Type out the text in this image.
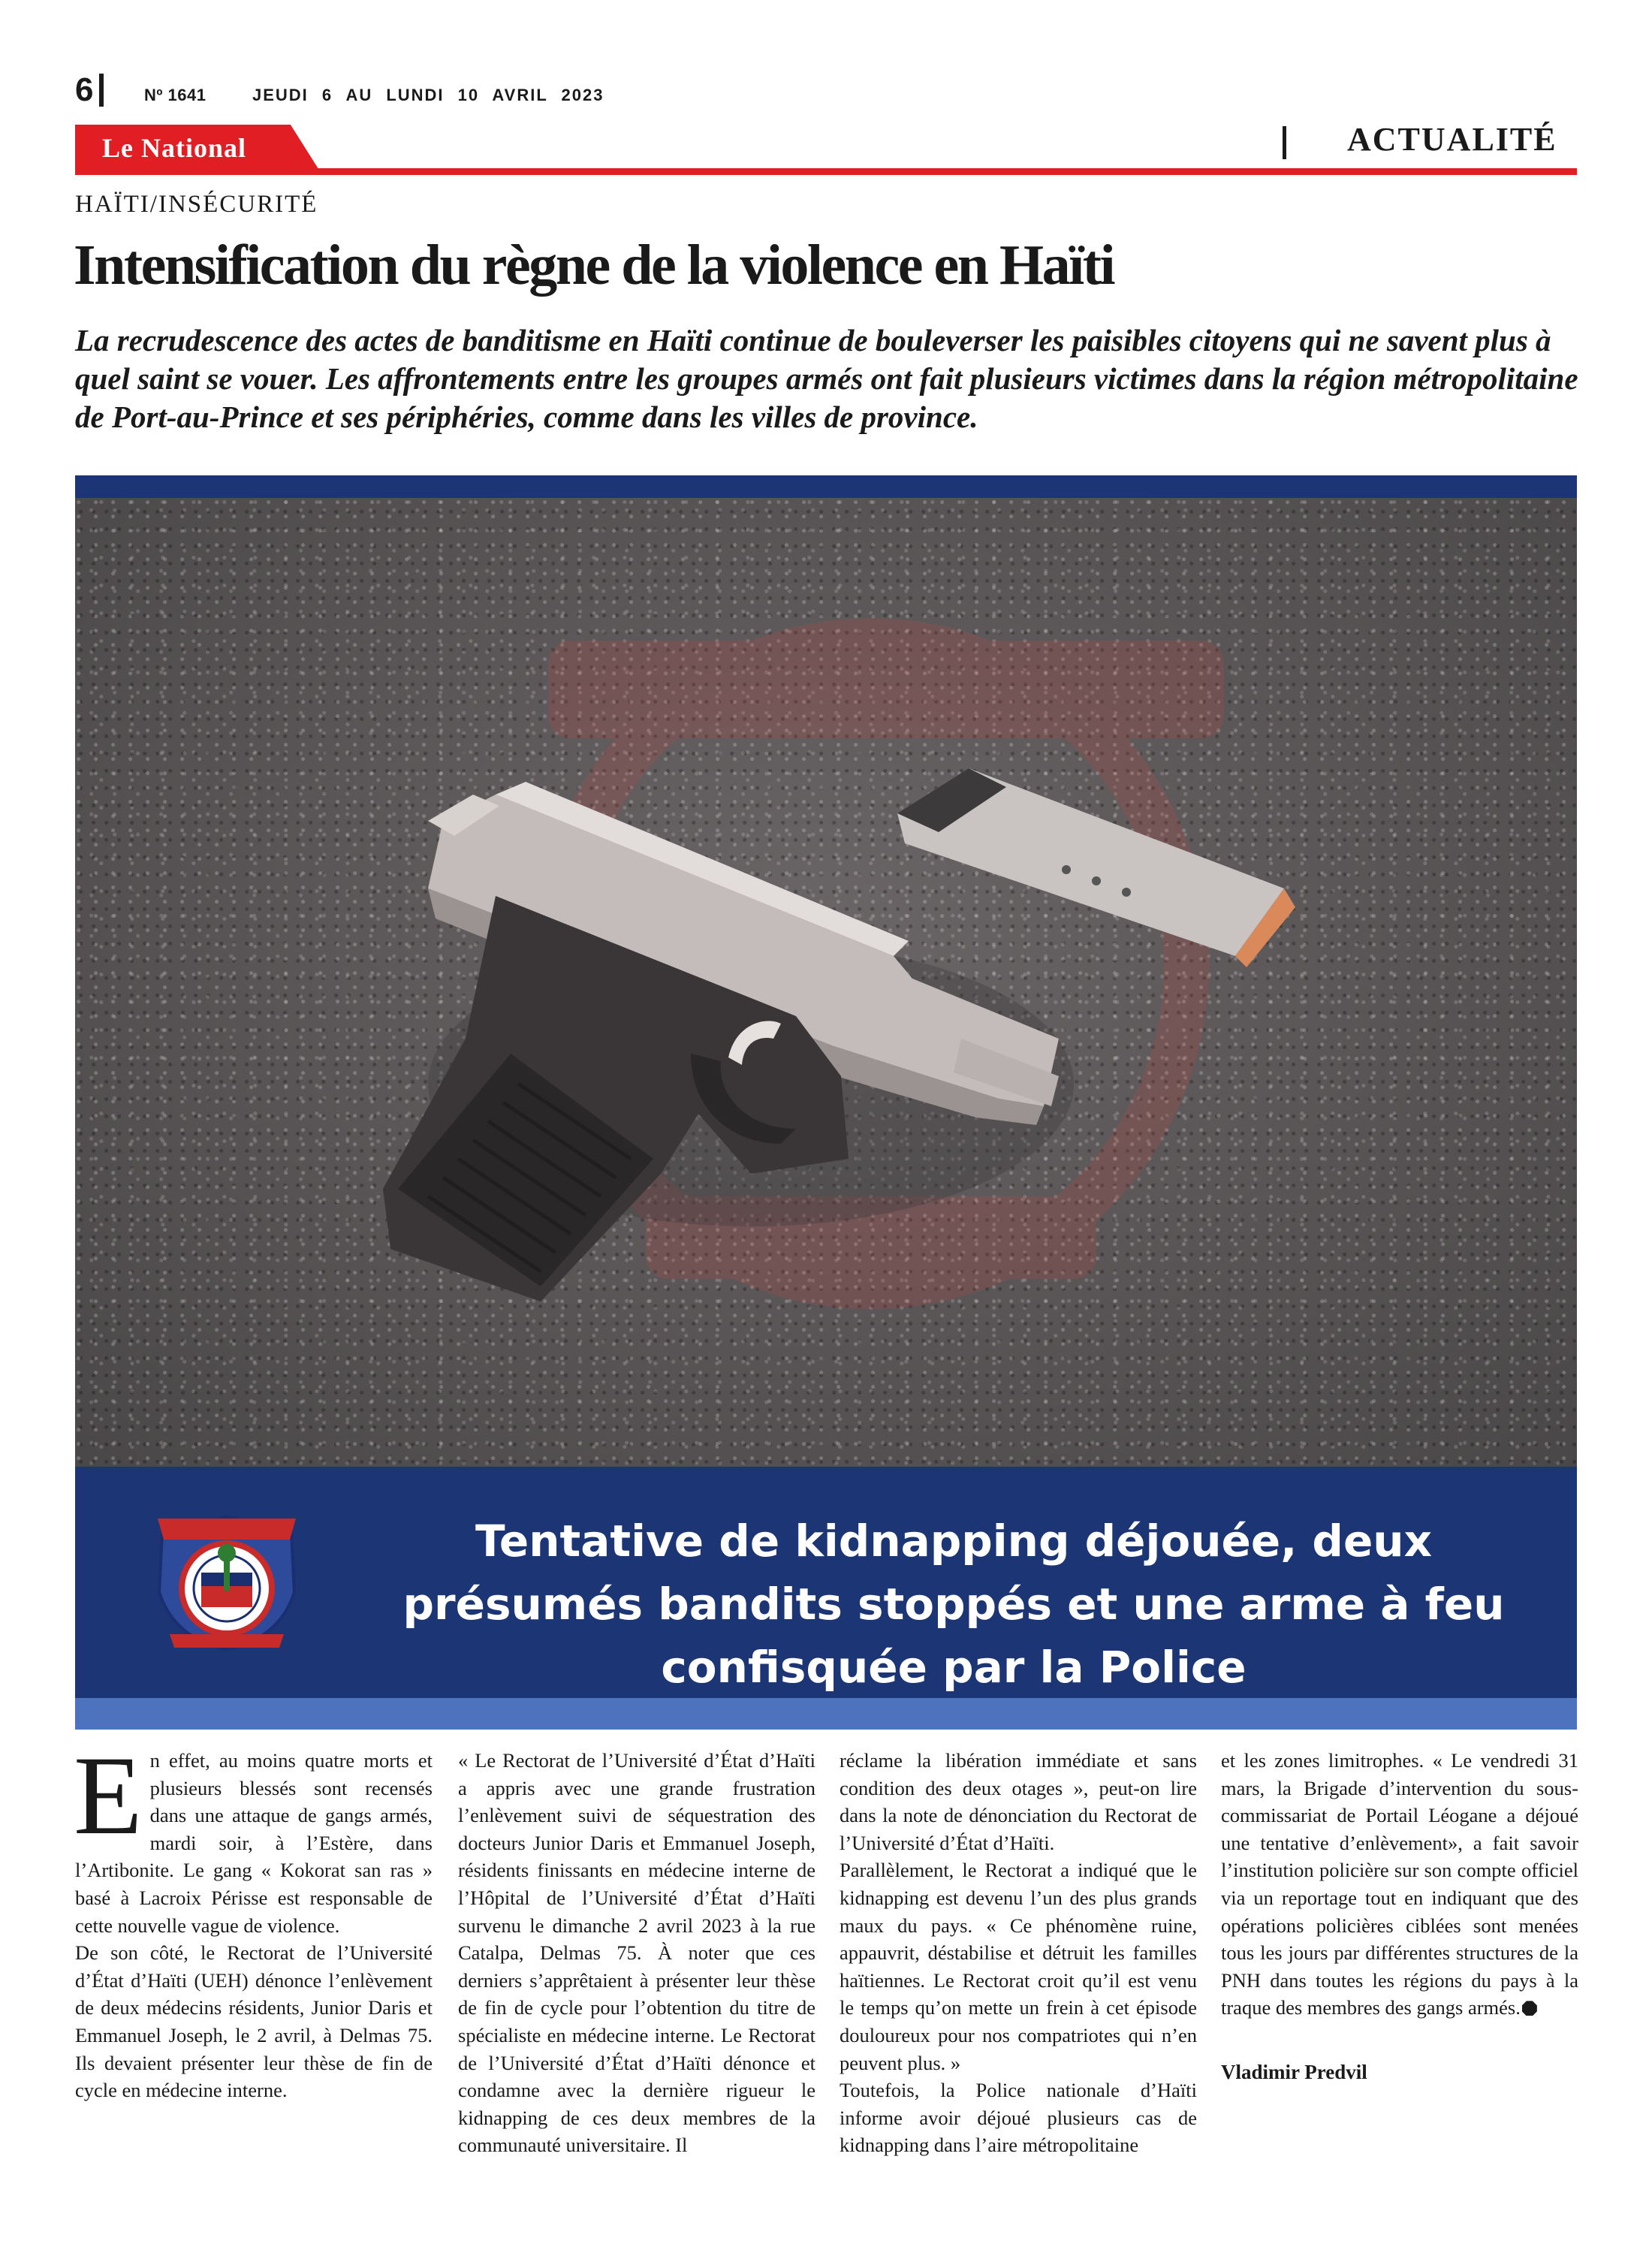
6	Nº 1641	JEUDI 6 AU LUNDI 10 AVRIL 2023
Le National	ACTUALITÉ
HAÏTI/INSÉCURITÉ
Intensification du règne de la violence en Haïti

La recrudescence des actes de banditisme en Haïti continue de bouleverser les paisibles citoyens qui ne savent plus à quel saint se vouer. Les affrontements entre les groupes armés ont fait plusieurs victimes dans la région métropolitaine de Port-au-Prince et ses périphéries, comme dans les villes de province.

Tentative de kidnapping déjouée, deux présumés bandits stoppés et une arme à feu confisquée par la Police

En effet, au moins quatre morts et plusieurs blessés sont recensés dans une attaque de gangs armés, mardi soir, à l’Estère, dans l’Artibonite. Le gang « Kokorat san ras » basé à Lacroix Périsse est responsable de cette nouvelle vague de violence.

De son côté, le Rectorat de l’Université d’État d’Haïti (UEH) dénonce l’enlèvement de deux médecins résidents, Junior Daris et Emmanuel Joseph, le 2 avril, à Delmas 75. Ils devaient présenter leur thèse de fin de cycle en médecine interne.

« Le Rectorat de l’Université d’État d’Haïti a appris avec une grande frustration l’enlèvement suivi de séquestration des docteurs Junior Daris et Emmanuel Joseph, résidents finissants en médecine interne de l’Hôpital de l’Université d’État d’Haïti survenu le dimanche 2 avril 2023 à la rue Catalpa, Delmas 75. À noter que ces derniers s’apprêtaient à présenter leur thèse de fin de cycle pour l’obtention du titre de spécialiste en médecine interne. Le Rectorat de l’Université d’État d’Haïti dénonce et condamne avec la dernière rigueur le kidnapping de ces deux membres de la communauté universitaire. Il

réclame la libération immédiate et sans condition des deux otages », peut-on lire dans la note de dénonciation du Rectorat de l’Université d’État d’Haïti.

Parallèlement, le Rectorat a indiqué que le kidnapping est devenu l’un des plus grands maux du pays. « Ce phénomène ruine, appauvrit, déstabilise et détruit les familles haïtiennes. Le Rectorat croit qu’il est venu le temps qu’on mette un frein à cet épisode douloureux pour nos compatriotes qui n’en peuvent plus. »

Toutefois, la Police nationale d’Haïti informe avoir déjoué plusieurs cas de kidnapping dans l’aire métropolitaine

et les zones limitrophes. « Le vendredi 31 mars, la Brigade d’intervention du sous-commissariat de Portail Léogane a déjoué une tentative d’enlèvement», a fait savoir l’institution policière sur son compte officiel via un reportage tout en indiquant que des opérations policières ciblées sont menées tous les jours par différentes structures de la PNH dans toutes les régions du pays à la traque des membres des gangs armés.

Vladimir Predvil
